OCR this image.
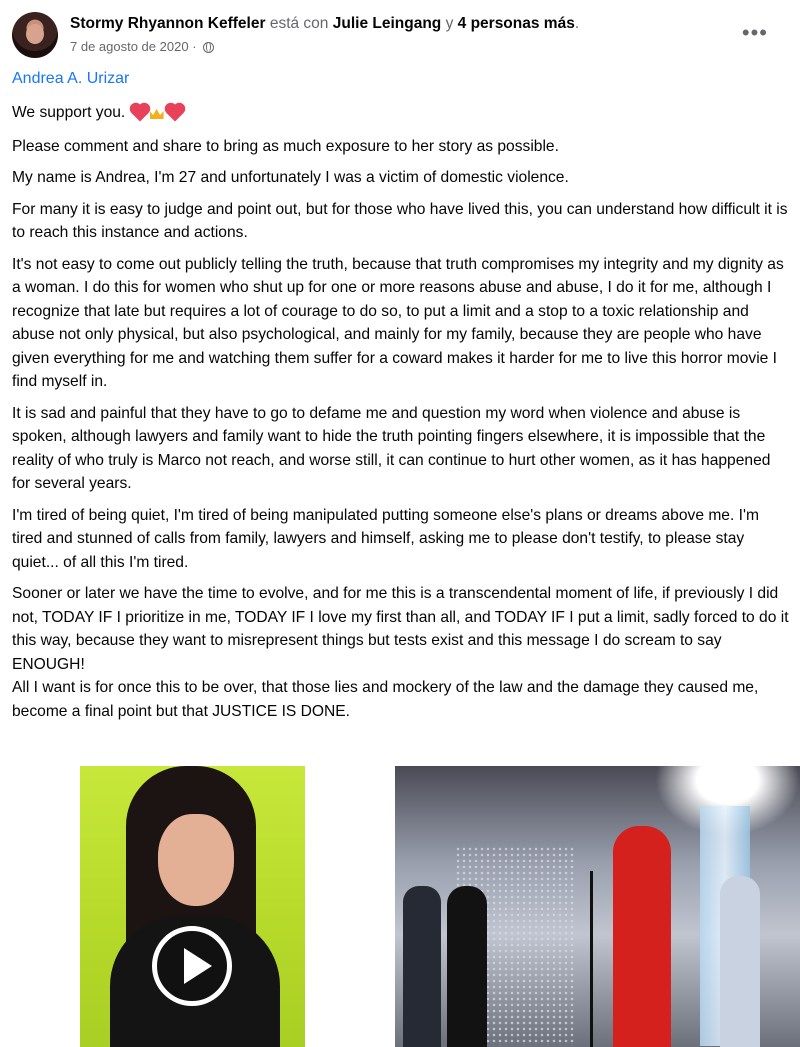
Stormy Rhyannon Keffeler está con Julie Leingang y 4 personas más.
7 de agosto de 2020 ·
•••
Andrea A. Urizar

We support you.

Please comment and share to bring as much exposure to her story as possible.

My name is Andrea, I'm 27 and unfortunately I was a victim of domestic violence.

For many it is easy to judge and point out, but for those who have lived this, you can understand how difficult it is to reach this instance and actions.

It's not easy to come out publicly telling the truth, because that truth compromises my integrity and my dignity as a woman. I do this for women who shut up for one or more reasons abuse and abuse, I do it for me, although I recognize that late but requires a lot of courage to do so, to put a limit and a stop to a toxic relationship and abuse not only physical, but also psychological, and mainly for my family, because they are people who have given everything for me and watching them suffer for a coward makes it harder for me to live this horror movie I find myself in.

It is sad and painful that they have to go to defame me and question my word when violence and abuse is spoken, although lawyers and family want to hide the truth pointing fingers elsewhere, it is impossible that the reality of who truly is Marco not reach, and worse still, it can continue to hurt other women, as it has happened for several years.

I'm tired of being quiet, I'm tired of being manipulated putting someone else's plans or dreams above me. I'm tired and stunned of calls from family, lawyers and himself, asking me to please don't testify, to please stay quiet... of all this I'm tired.

Sooner or later we have the time to evolve, and for me this is a transcendental moment of life, if previously I did not, TODAY IF I prioritize in me, TODAY IF I love my first than all, and TODAY IF I put a limit, sadly forced to do it this way, because they want to misrepresent things but tests exist and this message I do scream to say ENOUGH!

All I want is for once this to be over, that those lies and mockery of the law and the damage they caused me, become a final point but that JUSTICE IS DONE.
